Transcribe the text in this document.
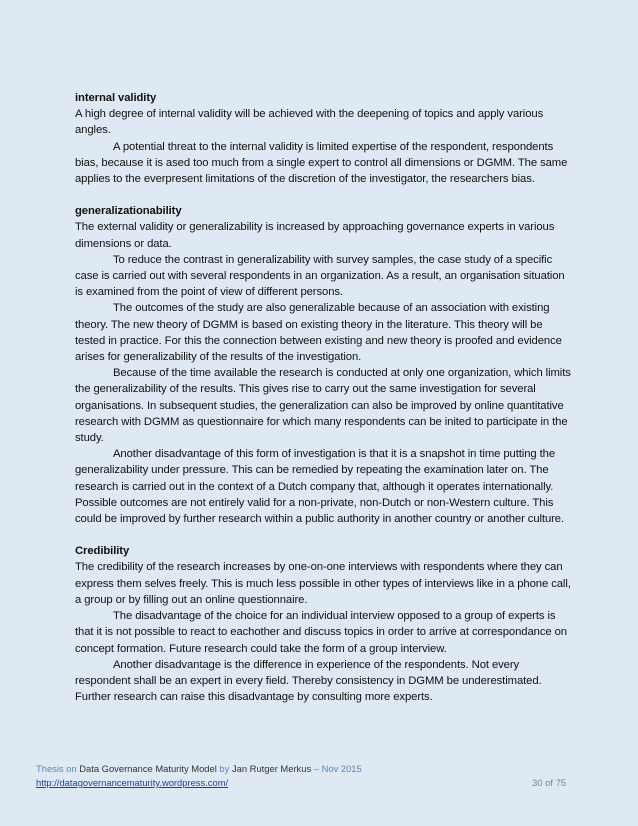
internal validity

A high degree of internal validity will be achieved with the deepening of topics and apply various angles.

A potential threat to the internal validity is limited expertise of the respondent, respondents bias, because it is ased too much from a single expert to control all dimensions or DGMM. The same applies to the everpresent limitations of the discretion of the investigator, the researchers bias.

generalizationability

The external validity or generalizability is increased by approaching governance experts in various dimensions or data.

To reduce the contrast in generalizability with survey samples, the case study of a specific case is carried out with several respondents in an organization. As a result, an organisation situation is examined from the point of view of different persons.

The outcomes of the study are also generalizable because of an association with existing theory. The new theory of DGMM is based on existing theory in the literature. This theory will be tested in practice. For this the connection between existing and new theory is proofed and evidence arises for generalizability of the results of the investigation.

Because of the time available the research is conducted at only one organization, which limits the generalizability of the results. This gives rise to carry out the same investigation for several organisations. In subsequent studies, the generalization can also be improved by online quantitative research with DGMM as questionnaire for which many respondents can be inited to participate in the study.

Another disadvantage of this form of investigation is that it is a snapshot in time putting the generalizability under pressure. This can be remedied by repeating the examination later on. The research is carried out in the context of a Dutch company that, although it operates internationally. Possible outcomes are not entirely valid for a non-private, non-Dutch or non-Western culture. This could be improved by further research within a public authority in another country or another culture.

Credibility

The credibility of the research increases by one-on-one interviews with respondents where they can express them selves freely. This is much less possible in other types of interviews like in a phone call, a group or by filling out an online questionnaire.

The disadvantage of the choice for an individual interview opposed to a group of experts is that it is not possible to react to eachother and discuss topics in order to arrive at correspondance on concept formation. Future research could take the form of a group interview.

Another disadvantage is the difference in experience of the respondents. Not every respondent shall be an expert in every field. Thereby consistency in DGMM be underestimated. Further research can raise this disadvantage by consulting more experts.

Thesis on Data Governance Maturity Model by Jan Rutger Merkus – Nov 2015
http://datagovernancematurity.wordpress.com/	30 of 75
